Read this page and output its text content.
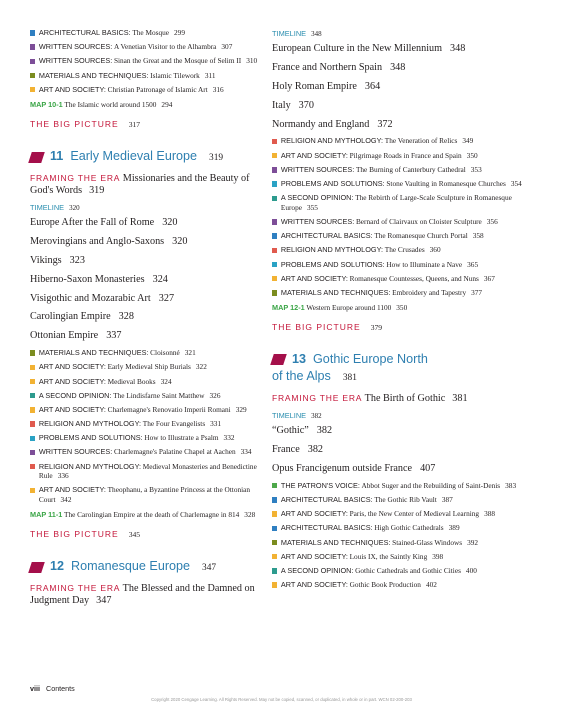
ARCHITECTURAL BASICS: The Mosque 299
WRITTEN SOURCES: A Venetian Visitor to the Alhambra 307
WRITTEN SOURCES: Sinan the Great and the Mosque of Selim II 310
MATERIALS AND TECHNIQUES: Islamic Tilework 311
ART AND SOCIETY: Christian Patronage of Islamic Art 316
MAP 10-1 The Islamic world around 1500 294
THE BIG PICTURE 317
11 Early Medieval Europe 319
FRAMING THE ERA Missionaries and the Beauty of God's Words 319
TIMELINE 320
Europe After the Fall of Rome 320
Merovingians and Anglo-Saxons 320
Vikings 323
Hiberno-Saxon Monasteries 324
Visigothic and Mozarabic Art 327
Carolingian Empire 328
Ottonian Empire 337
MATERIALS AND TECHNIQUES: Cloisonné 321
ART AND SOCIETY: Early Medieval Ship Burials 322
ART AND SOCIETY: Medieval Books 324
A SECOND OPINION: The Lindisfarne Saint Matthew 326
ART AND SOCIETY: Charlemagne's Renovatio Imperii Romani 329
RELIGION AND MYTHOLOGY: The Four Evangelists 331
PROBLEMS AND SOLUTIONS: How to Illustrate a Psalm 332
WRITTEN SOURCES: Charlemagne's Palatine Chapel at Aachen 334
RELIGION AND MYTHOLOGY: Medieval Monasteries and Benedictine Rule 336
ART AND SOCIETY: Theophanu, a Byzantine Princess at the Ottonian Court 342
MAP 11-1 The Carolingian Empire at the death of Charlemagne in 814 328
THE BIG PICTURE 345
12 Romanesque Europe 347
FRAMING THE ERA The Blessed and the Damned on Judgment Day 347
TIMELINE 348
European Culture in the New Millennium 348
France and Northern Spain 348
Holy Roman Empire 364
Italy 370
Normandy and England 372
RELIGION AND MYTHOLOGY: The Veneration of Relics 349
ART AND SOCIETY: Pilgrimage Roads in France and Spain 350
WRITTEN SOURCES: The Burning of Canterbury Cathedral 353
PROBLEMS AND SOLUTIONS: Stone Vaulting in Romanesque Churches 354
A SECOND OPINION: The Rebirth of Large-Scale Sculpture in Romanesque Europe 355
WRITTEN SOURCES: Bernard of Clairvaux on Cloister Sculpture 356
ARCHITECTURAL BASICS: The Romanesque Church Portal 358
RELIGION AND MYTHOLOGY: The Crusades 360
PROBLEMS AND SOLUTIONS: How to Illuminate a Nave 365
ART AND SOCIETY: Romanesque Countesses, Queens, and Nuns 367
MATERIALS AND TECHNIQUES: Embroidery and Tapestry 377
MAP 12-1 Western Europe around 1100 350
THE BIG PICTURE 379
13 Gothic Europe North
of the Alps 381
FRAMING THE ERA The Birth of Gothic 381
TIMELINE 382
“Gothic” 382
France 382
Opus Francigenum outside France 407
THE PATRON'S VOICE: Abbot Suger and the Rebuilding of Saint-Denis 383
ARCHITECTURAL BASICS: The Gothic Rib Vault 387
ART AND SOCIETY: Paris, the New Center of Medieval Learning 388
ARCHITECTURAL BASICS: High Gothic Cathedrals 389
MATERIALS AND TECHNIQUES: Stained-Glass Windows 392
ART AND SOCIETY: Louis IX, the Saintly King 398
A SECOND OPINION: Gothic Cathedrals and Gothic Cities 400
ART AND SOCIETY: Gothic Book Production 402
viii Contents
Copyright 2020 Cengage Learning. All Rights Reserved. May not be copied, scanned, or duplicated, in whole or in part. WCN 02-200-203
